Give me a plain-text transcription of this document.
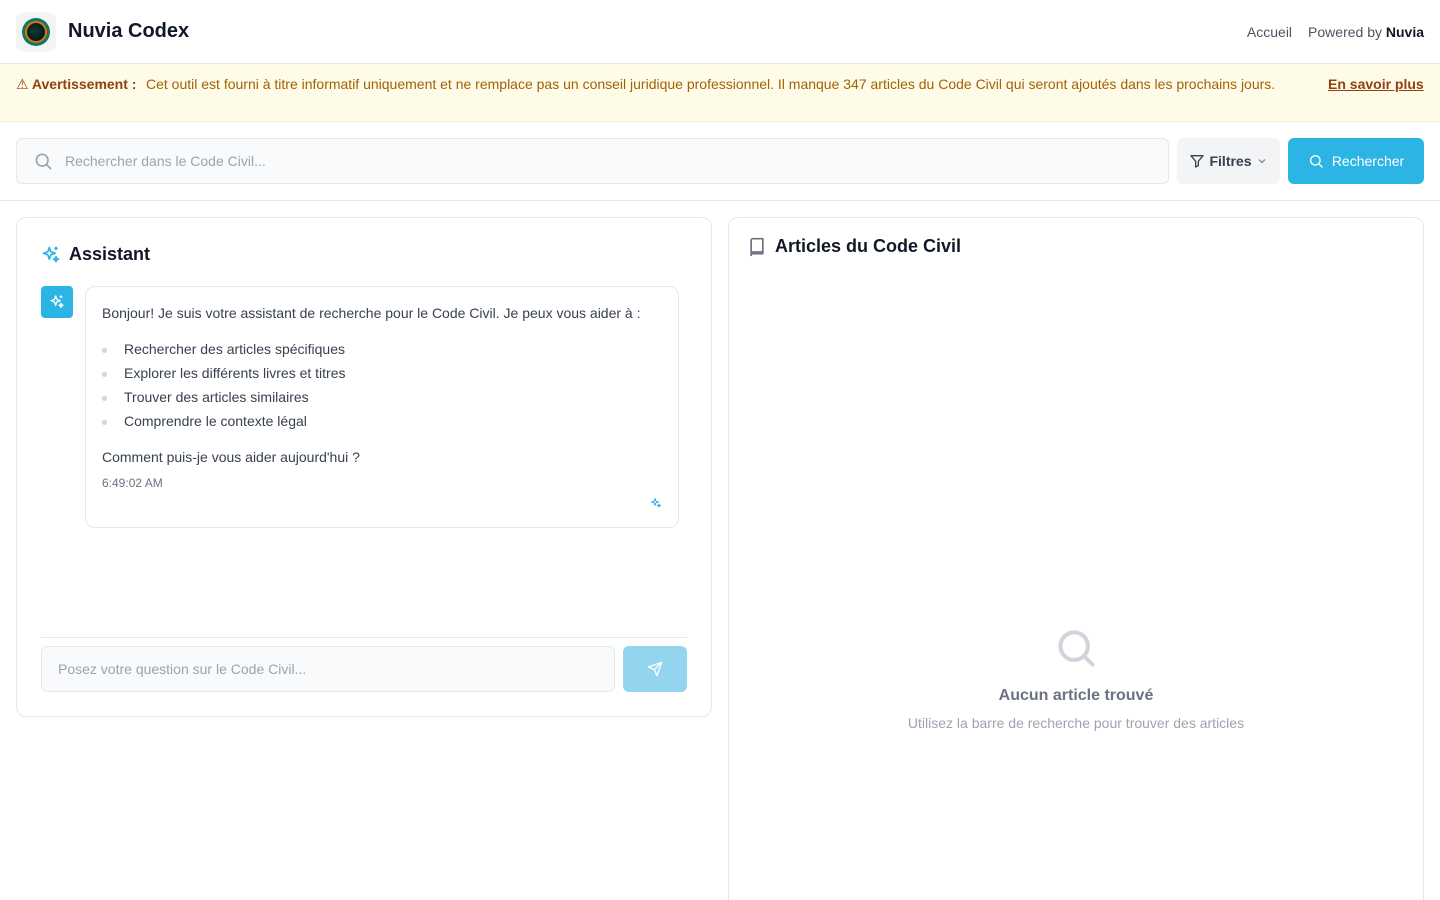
Nuvia Codex	Accueil Powered by Nuvia
⚠ Avertissement : Cet outil est fourni à titre informatif uniquement et ne remplace pas un conseil juridique professionnel. Il manque 347 articles du Code Civil qui seront ajoutés dans les prochains jours.	En savoir plus
Rechercher dans le Code Civil...
Filtres	Rechercher
Assistant

Bonjour! Je suis votre assistant de recherche pour le Code Civil. Je peux vous aider à :

Rechercher des articles spécifiques
Explorer les différents livres et titres
Trouver des articles similaires
Comprendre le contexte légal

Comment puis-je vous aider aujourd'hui ?

6:49:02 AM
Posez votre question sur le Code Civil...
Articles du Code Civil
Aucun article trouvé
Utilisez la barre de recherche pour trouver des articles
